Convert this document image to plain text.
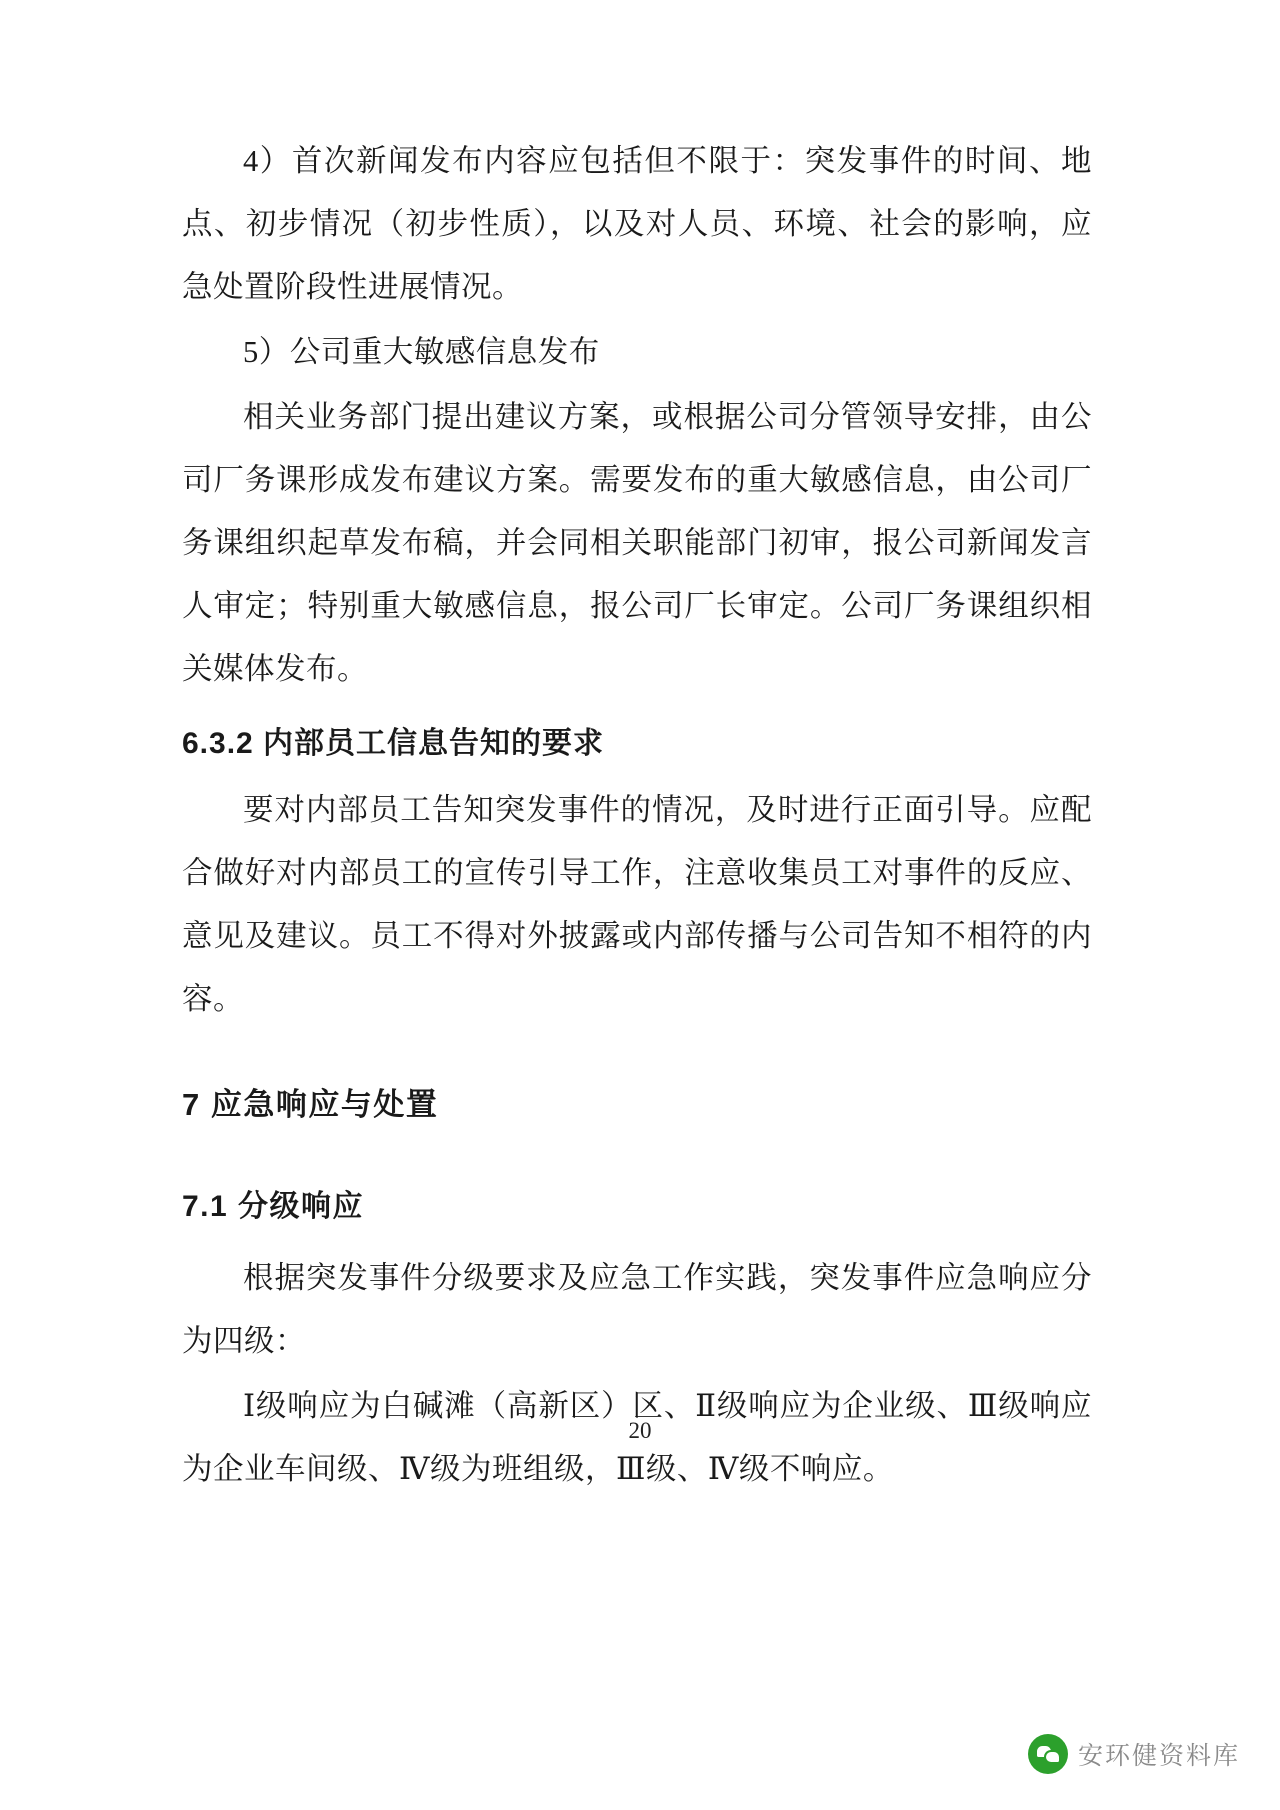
4）首次新闻发布内容应包括但不限于：突发事件的时间、地点、初步情况（初步性质），以及对人员、环境、社会的影响，应急处置阶段性进展情况。

5）公司重大敏感信息发布

相关业务部门提出建议方案，或根据公司分管领导安排，由公司厂务课形成发布建议方案。需要发布的重大敏感信息，由公司厂务课组织起草发布稿，并会同相关职能部门初审，报公司新闻发言人审定；特别重大敏感信息，报公司厂长审定。公司厂务课组织相关媒体发布。

6.3.2 内部员工信息告知的要求

要对内部员工告知突发事件的情况，及时进行正面引导。应配合做好对内部员工的宣传引导工作，注意收集员工对事件的反应、意见及建议。员工不得对外披露或内部传播与公司告知不相符的内容。

7 应急响应与处置
7.1 分级响应

根据突发事件分级要求及应急工作实践，突发事件应急响应分为四级：

Ⅰ级响应为白碱滩（高新区）区、Ⅱ级响应为企业级、Ⅲ级响应为企业车间级、Ⅳ级为班组级，Ⅲ级、Ⅳ级不响应。

20
安环健资料库
